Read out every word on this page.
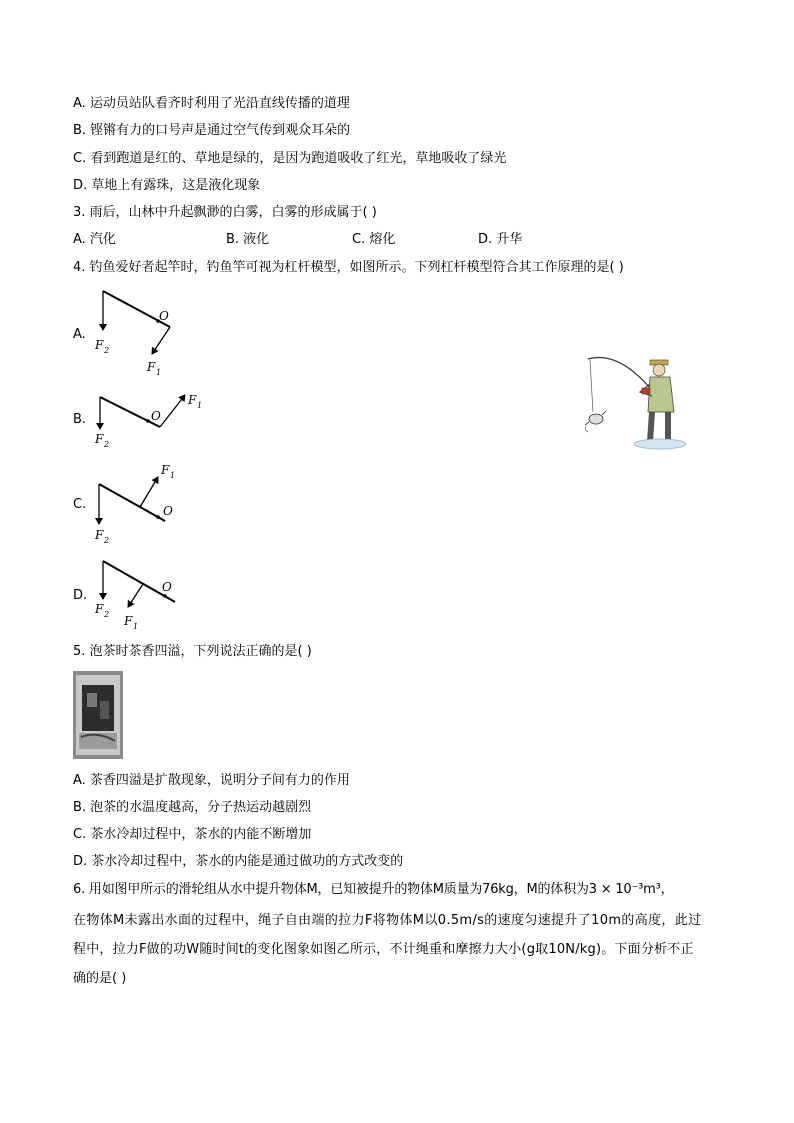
A. 运动员站队看齐时利用了光沿直线传播的道理
B. 铿锵有力的口号声是通过空气传到观众耳朵的
C. 看到跑道是红的、草地是绿的，是因为跑道吸收了红光，草地吸收了绿光
D. 草地上有露珠，这是液化现象
3. 雨后，山林中升起飘渺的白雾，白雾的形成属于( )
A. 汽化	B. 液化	C. 熔化	D. 升华
4. 钓鱼爱好者起竿时，钓鱼竿可视为杠杆模型，如图所示。下列杠杆模型符合其工作原理的是( )
A.
B.
C.
D.
O
F 2
F 1
O
F 2
F 1
O
F 2
F 1
O
F 2 F 1
5. 泡茶时茶香四溢，下列说法正确的是( )
A. 茶香四溢是扩散现象，说明分子间有力的作用
B. 泡茶的水温度越高，分子热运动越剧烈
C. 茶水冷却过程中，茶水的内能不断增加
D. 茶水冷却过程中，茶水的内能是通过做功的方式改变的
6. 用如图甲所示的滑轮组从水中提升物体M，已知被提升的物体M质量为76kg，M的体积为3 × 10⁻³m³，
在物体M未露出水面的过程中，绳子自由端的拉力F将物体M以0.5m/s的速度匀速提升了10m的高度，此过
程中，拉力F做的功W随时间t的变化图象如图乙所示，不计绳重和摩擦力大小(g取10N/kg)。下面分析不正
确的是( )
